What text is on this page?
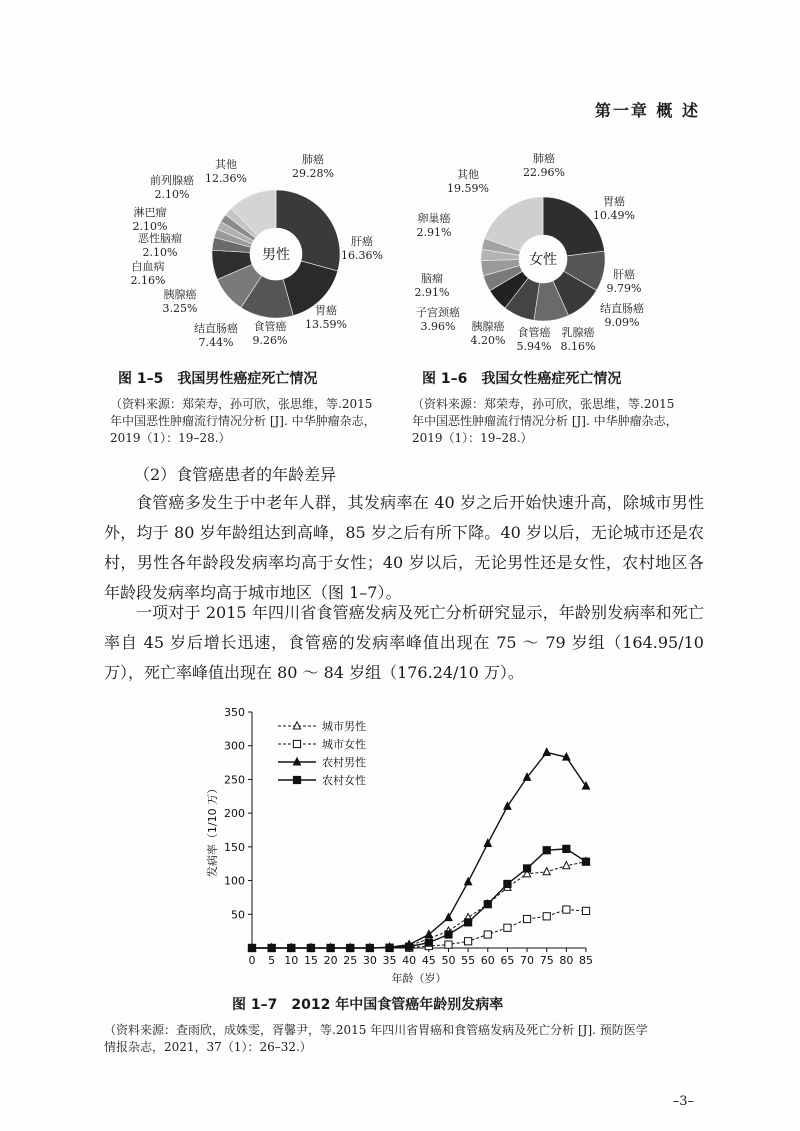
第一章 概 述
肺癌
29.28%
肝癌
16.36%
胃癌
13.59%
食管癌
9.26%
结直肠癌
7.44%
胰腺癌
3.25%
白血病
2.16%
恶性脑瘤
2.10%
淋巴瘤
2.10%
前列腺癌
2.10%
其他
12.36%
男性
图 1–5　我国男性癌症死亡情况
（资料来源：郑荣寿，孙可欣，张思维，等.2015
年中国恶性肿瘤流行情况分析 [J]. 中华肿瘤杂志，
2019（1）：19–28.）
肺癌
22.96%
胃癌
10.49%
肝癌
9.79%
结直肠癌
9.09%
乳腺癌
8.16%
食管癌
5.94%
胰腺癌
4.20%
子宫颈癌
3.96%
脑瘤
2.91%
卵巢癌
2.91%
其他
19.59%
女性
图 1–6　我国女性癌症死亡情况
（资料来源：郑荣寿，孙可欣，张思维，等.2015
年中国恶性肿瘤流行情况分析 [J]. 中华肿瘤杂志，
2019（1）：19–28.）
（2）食管癌患者的年龄差异
食管癌多发生于中老年人群，其发病率在 40 岁之后开始快速升高，除城市男性外，均于 80 岁年龄组达到高峰，85 岁之后有所下降。40 岁以后，无论城市还是农村，男性各年龄段发病率均高于女性；40 岁以后，无论男性还是女性，农村地区各年龄段发病率均高于城市地区（图 1–7）。
一项对于 2015 年四川省食管癌发病及死亡分析研究显示，年龄别发病率和死亡率自 45 岁后增长迅速，食管癌的发病率峰值出现在 75 ～ 79 岁组（164.95/10 万），死亡率峰值出现在 80 ～ 84 岁组（176.24/10 万）。
50
100
150
200
250
300
350
0 5 10 15 20 25 30 35 40 45 50 55 60 65 70 75 80 85
年龄（岁）
发病率（1/10 万）
城市男性
城市女性
农村男性
农村女性
图 1–7　2012 年中国食管癌年龄别发病率
（资料来源：查雨欣，成姝雯，胥馨尹，等.2015 年四川省胃癌和食管癌发病及死亡分析 [J]. 预防医学
情报杂志，2021，37（1）：26–32.）
–3–
